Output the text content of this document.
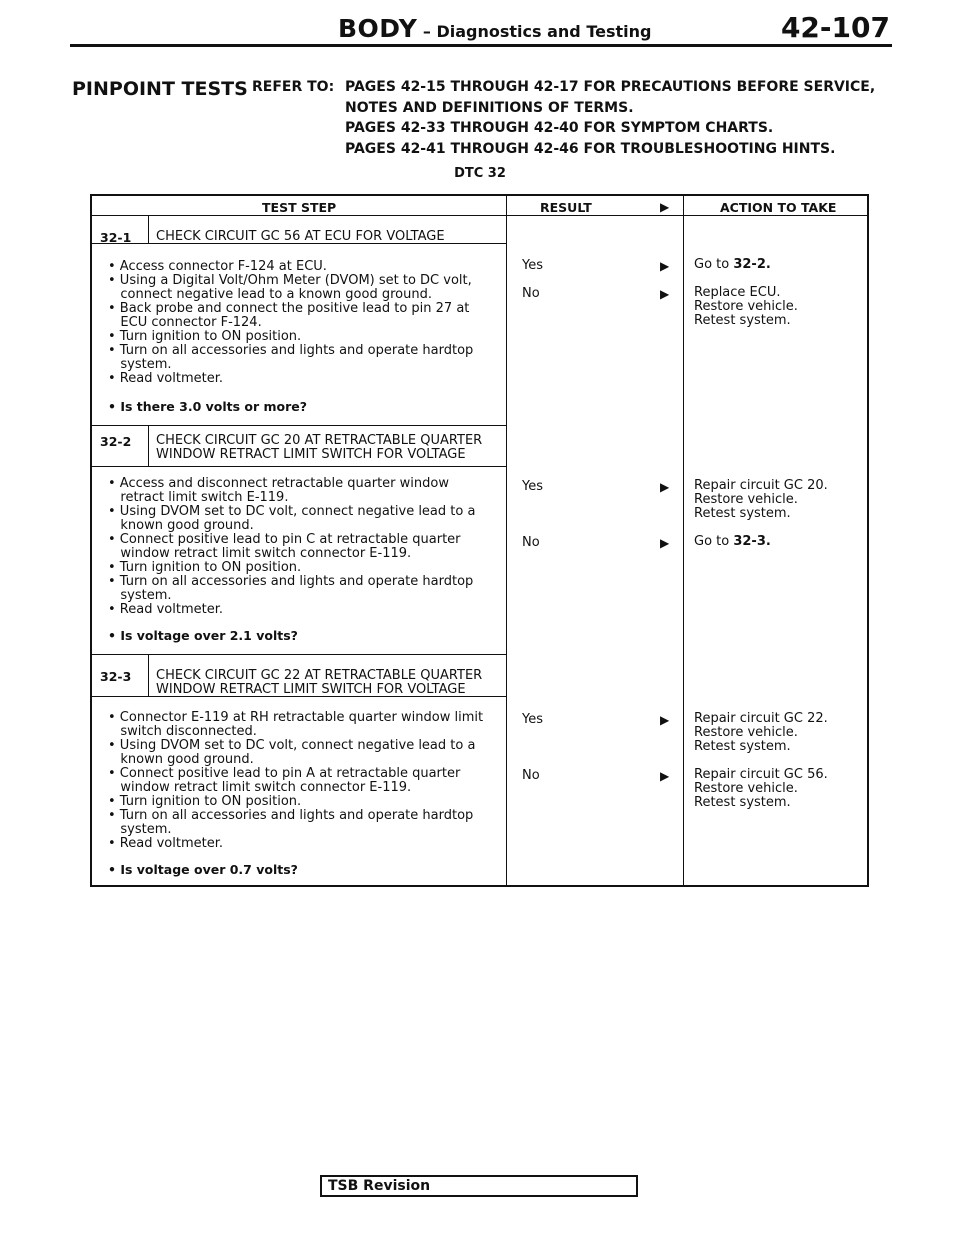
BODY – Diagnostics and Testing	42-107
PINPOINT TESTS REFER TO: PAGES 42-15 THROUGH 42-17 FOR PRECAUTIONS BEFORE SERVICE,
NOTES AND DEFINITIONS OF TERMS.
PAGES 42-33 THROUGH 42-40 FOR SYMPTOM CHARTS.
PAGES 42-41 THROUGH 42-46 FOR TROUBLESHOOTING HINTS.
DTC 32
TEST STEP	RESULT	▶	ACTION TO TAKE
32-1 CHECK CIRCUIT GC 56 AT ECU FOR VOLTAGE
• Access connector F-124 at ECU.
• Using a Digital Volt/Ohm Meter (DVOM) set to DC volt,
connect negative lead to a known good ground.
• Back probe and connect the positive lead to pin 27 at
ECU connector F-124.
• Turn ignition to ON position.
• Turn on all accessories and lights and operate hardtop
system.
• Read voltmeter.
• Is there 3.0 volts or more?
Yes	▶ Go to 32-2.
No	▶ Replace ECU.
Restore vehicle.
Retest system.
32-2 CHECK CIRCUIT GC 20 AT RETRACTABLE QUARTER
WINDOW RETRACT LIMIT SWITCH FOR VOLTAGE
• Access and disconnect retractable quarter window
retract limit switch E-119.
• Using DVOM set to DC volt, connect negative lead to a
known good ground.
• Connect positive lead to pin C at retractable quarter
window retract limit switch connector E-119.
• Turn ignition to ON position.
• Turn on all accessories and lights and operate hardtop
system.
• Read voltmeter.
• Is voltage over 2.1 volts?
Yes	▶ Repair circuit GC 20.
Restore vehicle.
Retest system.
No	▶ Go to 32-3.
32-3 CHECK CIRCUIT GC 22 AT RETRACTABLE QUARTER
WINDOW RETRACT LIMIT SWITCH FOR VOLTAGE
• Connector E-119 at RH retractable quarter window limit
switch disconnected.
• Using DVOM set to DC volt, connect negative lead to a
known good ground.
• Connect positive lead to pin A at retractable quarter
window retract limit switch connector E-119.
• Turn ignition to ON position.
• Turn on all accessories and lights and operate hardtop
system.
• Read voltmeter.
• Is voltage over 0.7 volts?
Yes	▶ Repair circuit GC 22.
Restore vehicle.
Retest system.
No	▶ Repair circuit GC 56.
Restore vehicle.
Retest system.
TSB Revision
